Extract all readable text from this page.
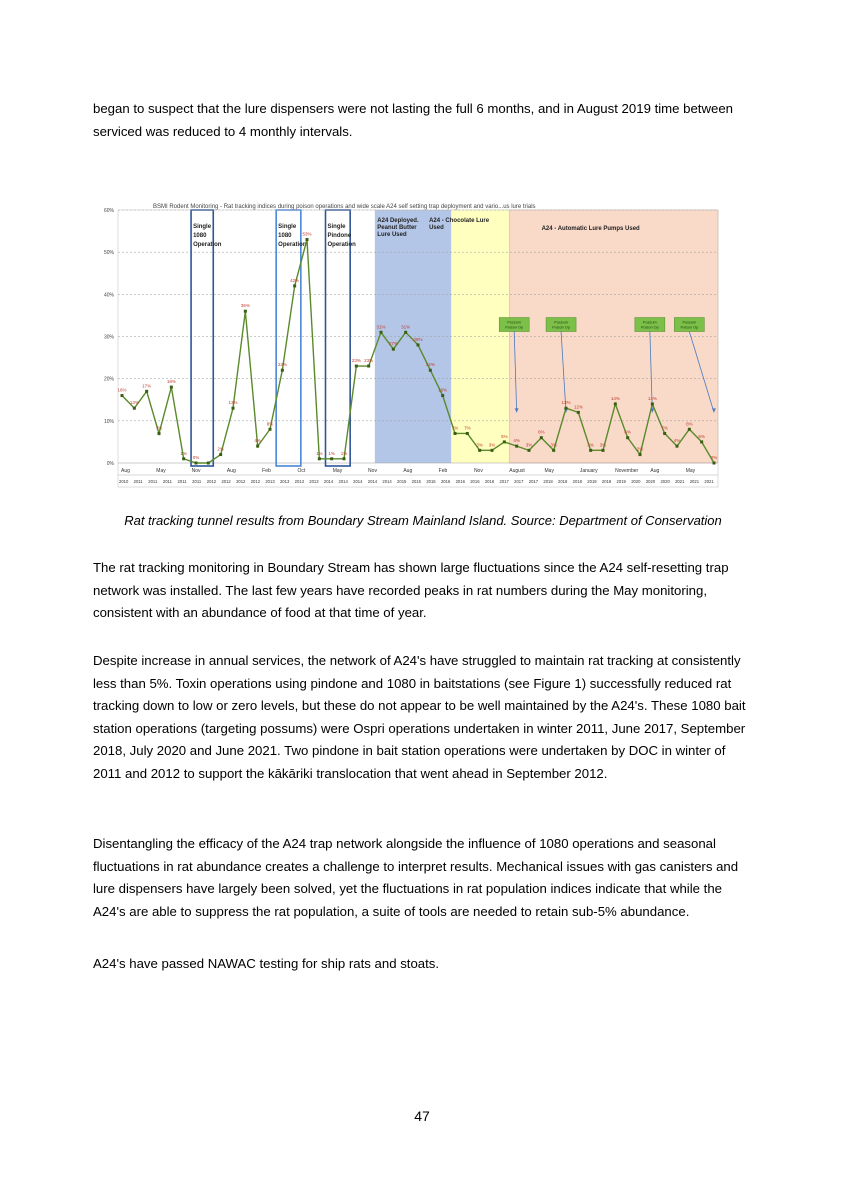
began to suspect that the lure dispensers were not lasting the full 6 months, and in August 2019 time between serviced was reduced to 4 monthly intervals.

0%
10%
20%
30%
40%
50%
60%
BSMI Rodent Monitoring - Rat tracking indices during poison operations and wide scale A24 self setting trap deployment and vario...us lure trials
Single
1080
Operation
Single
1080
Operation
Single
Pindone
Operation
A24 Deployed.
Peanut Butter
Lure Used
A24 - Chocolate Lure
Used	A24 - Automatic Lure Pumps Used
Possum
Poison Op
Possum
Poison Op
Possum
Poison Op
Possum
Poison Op
16%
13%
17%
7%
18%
1%
0%
2%
13%
36%
4%
8%
22%
42%
53%
1% 1% 1%
23% 23%
31%
27%
31%
28%
22%
16%
7% 7%
3% 3%
5%
4%
3%
6%
3%
13%
12%
3% 3%
14%
6%
2%
14%
7%
4%
8%
5%
0%
Aug	May	Nov	Aug	Feb	Oct	May	Nov	Aug	Feb	Nov	August	May	January	November Aug	May
2010 2011 2011 2011 2011 2011 2012 2012 2012 2012 2013 2013 2013 2013 2014 2014 2014 2014 2014 2015 2015 2015 2016 2016 2016 2016 2017 2017 2017 2018 2018 2018 2019 2019 2019 2020 2020 2020 2021 2021 2021
Rat tracking tunnel results from Boundary Stream Mainland Island. Source: Department of Conservation

The rat tracking monitoring in Boundary Stream has shown large fluctuations since the A24 self-resetting trap network was installed. The last few years have recorded peaks in rat numbers during the May monitoring, consistent with an abundance of food at that time of year.

Despite increase in annual services, the network of A24's have struggled to maintain rat tracking at consistently less than 5%. Toxin operations using pindone and 1080 in baitstations (see Figure 1) successfully reduced rat tracking down to low or zero levels, but these do not appear to be well maintained by the A24's. These 1080 bait station operations (targeting possums) were Ospri operations undertaken in winter 2011, June 2017, September 2018, July 2020 and June 2021. Two pindone in bait station operations were undertaken by DOC in winter of 2011 and 2012 to support the kākāriki translocation that went ahead in September 2012.

Disentangling the efficacy of the A24 trap network alongside the influence of 1080 operations and seasonal fluctuations in rat abundance creates a challenge to interpret results. Mechanical issues with gas canisters and lure dispensers have largely been solved, yet the fluctuations in rat population indices indicate that while the A24's are able to suppress the rat population, a suite of tools are needed to retain sub-5% abundance.

A24's have passed NAWAC testing for ship rats and stoats.

47
